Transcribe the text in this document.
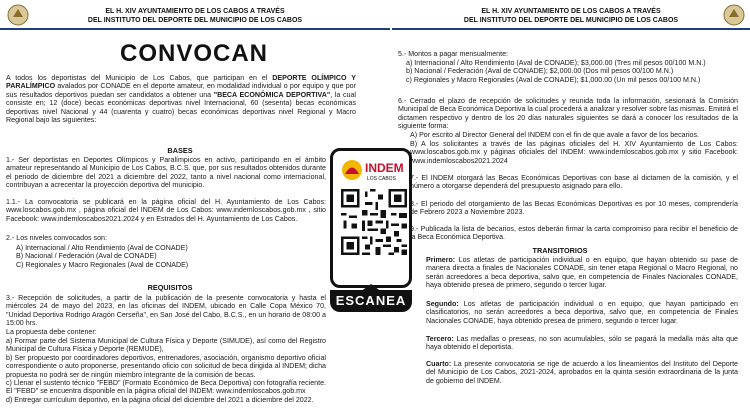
EL H. XIV AYUNTAMIENTO DE LOS CABOS A TRAVÉS
DEL INSTITUTO DEL DEPORTE DEL MUNICIPIO DE LOS CABOS
EL H. XIV AYUNTAMIENTO DE LOS CABOS A TRAVÉS
DEL INSTITUTO DEL DEPORTE DEL MUNICIPIO DE LOS CABOS
CONVOCAN
A todos los deportistas del Municipio de Los Cabos, que participan en el DEPORTE OLÍMPICO Y PARALÍMPICO avalados por CONADE en el deporte amateur, en modalidad individual o por equipo y que por sus resultados deportivos puedan ser candidatos a obtener una "BECA ECONÓMICA DEPORTIVA", la cual consiste en; 12 (doce) becas económicas deportivas nivel Internacional, 60 (sesenta) becas económicas deportivas nivel Nacional y 44 (cuarenta y cuatro) becas económicas deportivas nivel Regional y Macro Regional bajo las siguientes:
BASES
1.- Ser deportistas en Deportes Olímpicos y Paralímpicos en activo, participando en el ámbito amateur representando al Municipio de Los Cabos, B.C.S. que, por sus resultados obtenidos durante el periodo de diciembre del 2021 a diciembre del 2022, tanto a nivel nacional como internacional, contribuyan a acrecentar la proyección deportiva del municipio.
1.1.- La convocatoria se publicará en la página oficial del H. Ayuntamiento de Los Cabos: www.loscabos.gob.mx , página oficial del INDEM de Los Cabos: www.indemloscabos.gob.mx , sitio Facebook: www.indemloscabos2021.2024 y en Estrados del H. Ayuntamiento de Los Cabos.
2.- Los niveles convocados son:
A) Internacional / Alto Rendimiento (Aval de CONADE)
B) Nacional / Federación (Aval de CONADE)
C) Regionales y Macro Regionales (Aval de CONADE)
REQUISITOS
3.- Recepción de solicitudes, a partir de la publicación de la presente convocatoria y hasta el miércoles 24 de mayo del 2023, en las oficinas del INDEM, ubicado en Calle Copa México 70, "Unidad Deportiva Rodrigo Aragón Cerseña", en San José del Cabo, B.C.S., en un horario de 08:00 a 15:00 hrs.
La propuesta debe contener:
a) Formar parte del Sistema Municipal de Cultura Física y Deporte (SIMUDE), así como del Registro Municipal de Cultura Física y Deporte (REMUDE),
b) Ser propuesto por coordinadores deportivos, entrenadores, asociación, organismo deportivo oficial correspondiente o auto proponerse, presentando oficio con solicitud de beca dirigida al INDEM; dicha propuesta no podrá ser de ningún miembro integrante de la comisión de becas.
c) Llenar el sustento técnico "FEBD" (Formato Económico de Beca Deportiva) con fotografía reciente. El "FEBD" se encuentra disponible en la página oficial del INDEM: www.indemloscabos.gob.mx
d) Entregar currículum deportivo, en la página oficial del diciembre del 2021 a diciembre del 2022.
INDEM
LOS CABOS
ESCANEA
5.- Montos a pagar mensualmente:
a) Internacional / Alto Rendimiento (Aval de CONADE); $3,000.00 (Tres mil pesos 00/100 M.N.)
b) Nacional / Federación (Aval de CONADE); $2,000.00 (Dos mil pesos 00/100 M.N.)
c) Regionales y Macro Regionales (Aval de CONADE); $1,000.00 (Un mil pesos 00/100 M.N.)
6.- Cerrado el plazo de recepción de solicitudes y reunida toda la información, sesionará la Comisión Municipal de Beca Económica Deportiva la cual procederá a analizar y resolver sobre las mismas. Emitirá el dictamen respectivo y dentro de los 20 días naturales siguientes se dará a conocer los resultados de la siguiente forma:
A) Por escrito al Director General del INDEM con el fin de que avale a favor de los becarios.
B) A los solicitantes a través de las páginas oficiales del H. XIV Ayuntamiento de Los Cabos: www.loscabos.gob.mx y páginas oficiales del INDEM: www.indemloscabos.gob.mx y sitio Facebook: www.indemloscabos2021.2024
7.- El INDEM otorgará las Becas Económicas Deportivas con base al dictamen de la comisión, y el número a otorgarse dependerá del presupuesto asignado para ello.
8.- El periodo del otorgamiento de las Becas Económicas Deportivas es por 10 meses, comprendería de Febrero 2023 a Noviembre 2023.
9.- Publicada la lista de becarios, estos deberán firmar la carta compromiso para recibir el beneficio de la Beca Económica Deportiva.
TRANSITORIOS
Primero: Los atletas de participación individual o en equipo, que hayan obtenido su pase de manera directa a finales de Nacionales CONADE, sin tener etapa Regional o Macro Regional, no serán acreedores a beca deportiva, salvo que, en competencia de Finales Nacionales CONADE, haya obtenido presea de primero, segundo o tercer lugar.
Segundo: Los atletas de participación individual o en equipo, que hayan participado en clasificatorios, no serán acreedores a beca deportiva, salvo que, en competencia de Finales Nacionales CONADE, haya obtenido presea de primero, segundo o tercer lugar.
Tercero: Las medallas o preseas, no son acumulables, sólo se pagará la medalla más alta que haya obtenido el deportista.
Cuarto: La presente convocatoria se rige de acuerdo a los lineamientos del Instituto del Deporte del Municipio de Los Cabos, 2021-2024, aprobados en la quinta sesión extraordinaria de la junta de gobierno del INDEM.
